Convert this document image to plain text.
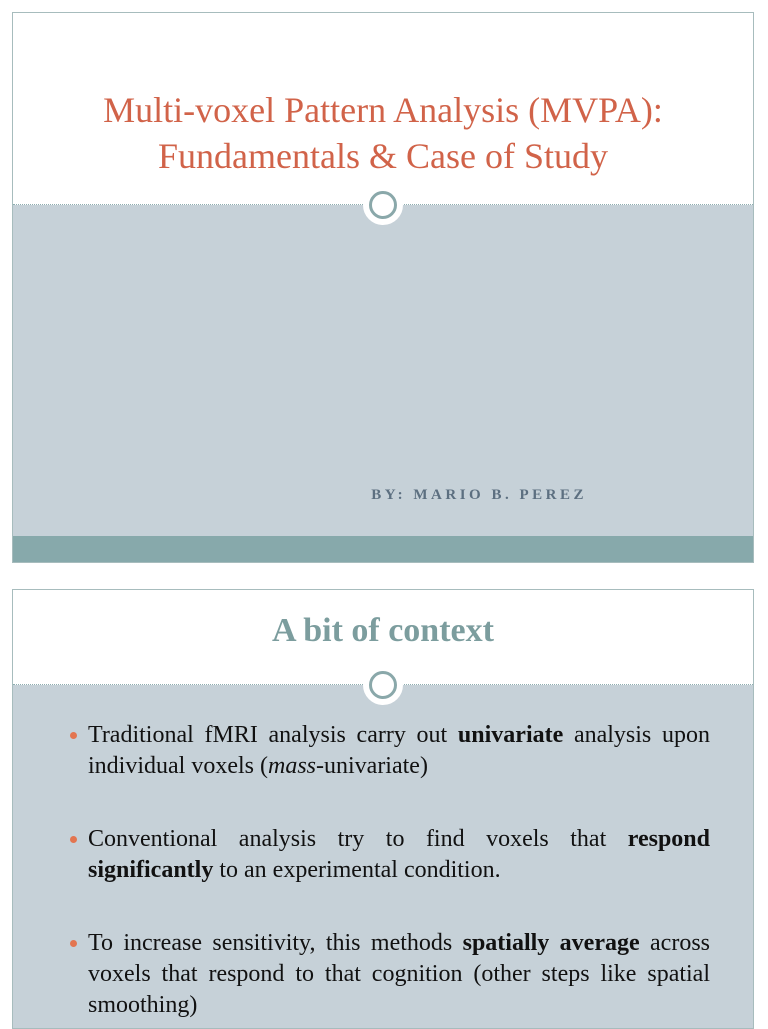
Multi-voxel Pattern Analysis (MVPA):
Fundamentals & Case of Study

BY: MARIO B. PEREZ

A bit of context
Traditional fMRI analysis carry out univariate analysis upon individual voxels (mass-univariate)
Conventional analysis try to find voxels that respond significantly to an experimental condition.
To increase sensitivity, this methods spatially average across voxels that respond to that cognition (other steps like spatial smoothing)
